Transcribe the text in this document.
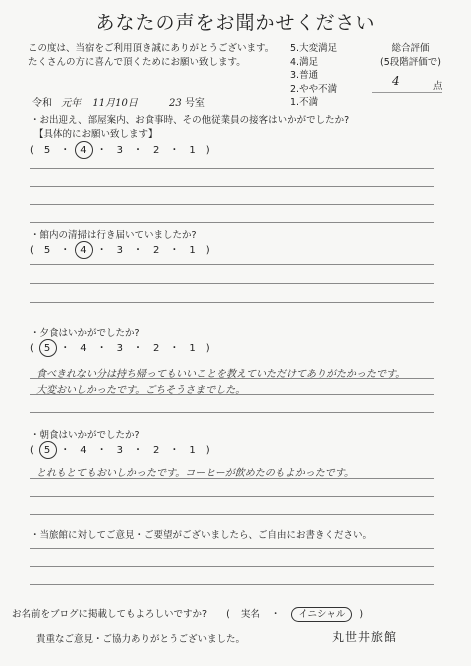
あなたの声をお聞かせください
この度は、当宿をご利用頂き誠にありがとうございます。
たくさんの方に喜んで頂くためにお願い致します。
5.大変満足
4.満足
3.普通
2.やや不満
1.不満
総合評価
(5段階評価で)
4	点
令和 元年 11月10日	23 号室
・お出迎え、部屋案内、お食事時、その他従業員の接客はいかがでしたか?
【具体的にお願い致します】
(　5　・　4　・　3　・　2　・　1　)
・館内の清掃は行き届いていましたか?
(　5　・　4　・　3　・　2　・　1　)
・夕食はいかがでしたか?
(　5　・　4　・　3　・　2　・　1　)
食べきれない分は持ち帰ってもいいことを教えていただけてありがたかったです。
大変おいしかったです。ごちそうさまでした。
・朝食はいかがでしたか?
(　5　・　4　・　3　・　2　・　1　)
とれもとてもおいしかったです。コーヒーが飲めたのもよかったです。
・当旅館に対してご意見・ご要望がございましたら、ご自由にお書きください。
お名前をブログに掲載してもよろしいですか? ( 実名 ・ イニシャル )
貴重なご意見・ご協力ありがとうございました。	丸世井旅館
